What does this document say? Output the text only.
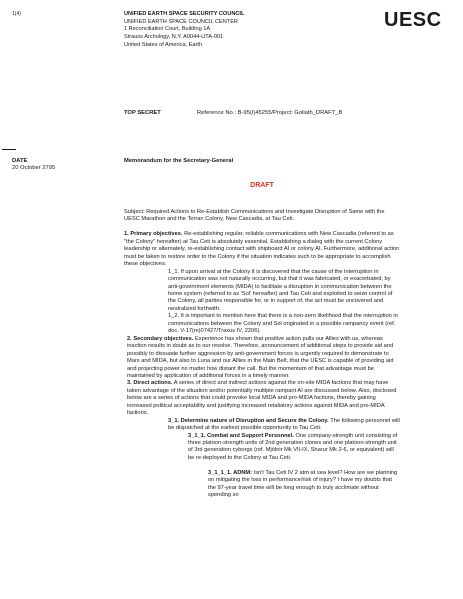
1(4)	UNIFIED EARTH SPACE SECURITY COUNCIL
UNIFIED EARTH SPACE COUNCIL CENTER
1 Reconciliation Court, Building 1A
Strauss Archology, N.Y. A0044-UTA-001
United States of America, Earth
UESC
TOP SECRET	Reference No.: B-95(I)45255/Project: Goliath_DRAFT_B
DATE
20 October 2795
Memorandum for the Secretary-General
DRAFT

Subject: Required Actions to Re-Establish Communications and Investigate Disruption of Same with the UESC Marathon and the Terran Colony, New Cascadia, at Tau Ceti.

1. Primary objectives. Re-establishing regular, reliable communications with New Cascadia (referred to as "the Colony" hereafter) at Tau Ceti is absolutely essential. Establishing a dialog with the current Colony leadership or alternately, re-establishing contact with shipboard AI or colony AI. Furthermore, additional action must be taken to restore order to the Colony if the situation indicates such to be appropriate to accomplish these objectives.

1_1. If upon arrival at the Colony it is discovered that the cause of the interruption in communication was not naturally occurring, but that it was fabricated, or exacerbated, by anti-government elements (MIDA) to facilitate a disruption in communication between the home system (referred to as 'Sol' hereafter) and Tau Ceti and exploited to seize control of the Colony, all parties responsible for, or in support of, the act must be uncovered and neutralized forthwith.

1_2. It is important to mention here that there is a non-zero likelihood that the interruption in communications between the Colony and Sol originated in a possible rampancy event (ref. doc. V-17(m)07427/Traxus IV, 2206).

2. Secondary objectives. Experience has shown that positive action pulls our Allies with us, whereas inaction results in doubt as to our resolve. Therefore, announcement of additional steps to provide aid and possibly to dissuade further aggression by anti-government forces is urgently required to demonstrate to Mars and MIDA, but also to Luna and our Allies in the Main Belt, that the UESC is capable of providing aid and projecting power no matter how distant the call. But the momentum of that advantage must be maintained by application of additional forces in a timely manner.

3. Direct actions. A series of direct and indirect actions against the on-site MIDA factions that may have taken advantage of the situation and/or potentially multiple rampant AI are discussed below. Also, disclosed below are a series of actions that could provoke local MIDA and pro-MIDA factions, thereby gaining increased political acceptability and justifying increased retaliatory actions against MIDA and pro-MIDA factions.

3_1. Determine nature of Disruption and Secure the Colony. The following personnel will be dispatched at the earliest possible opportunity to Tau Ceti.

3_1_1. Combat and Support Personnel. One company-strength unit consisting of three platoon-strength units of 2nd generation clones and one platoon-strength unit of 3rd generation cyborgs (ref. Mjölnir Mk VII-IX, Sharur Mk 2-6, or equivalent) will be re-deployed to the Colony at Tau Ceti.

3_1_1_1. ADNM: Isn't Tau Ceti IV 2 atm at sea level? How are we planning on mitigating the loss in performance/risk of injury? I have my doubts that the 97-year travel time will be long enough to truly acclimate without spending so
